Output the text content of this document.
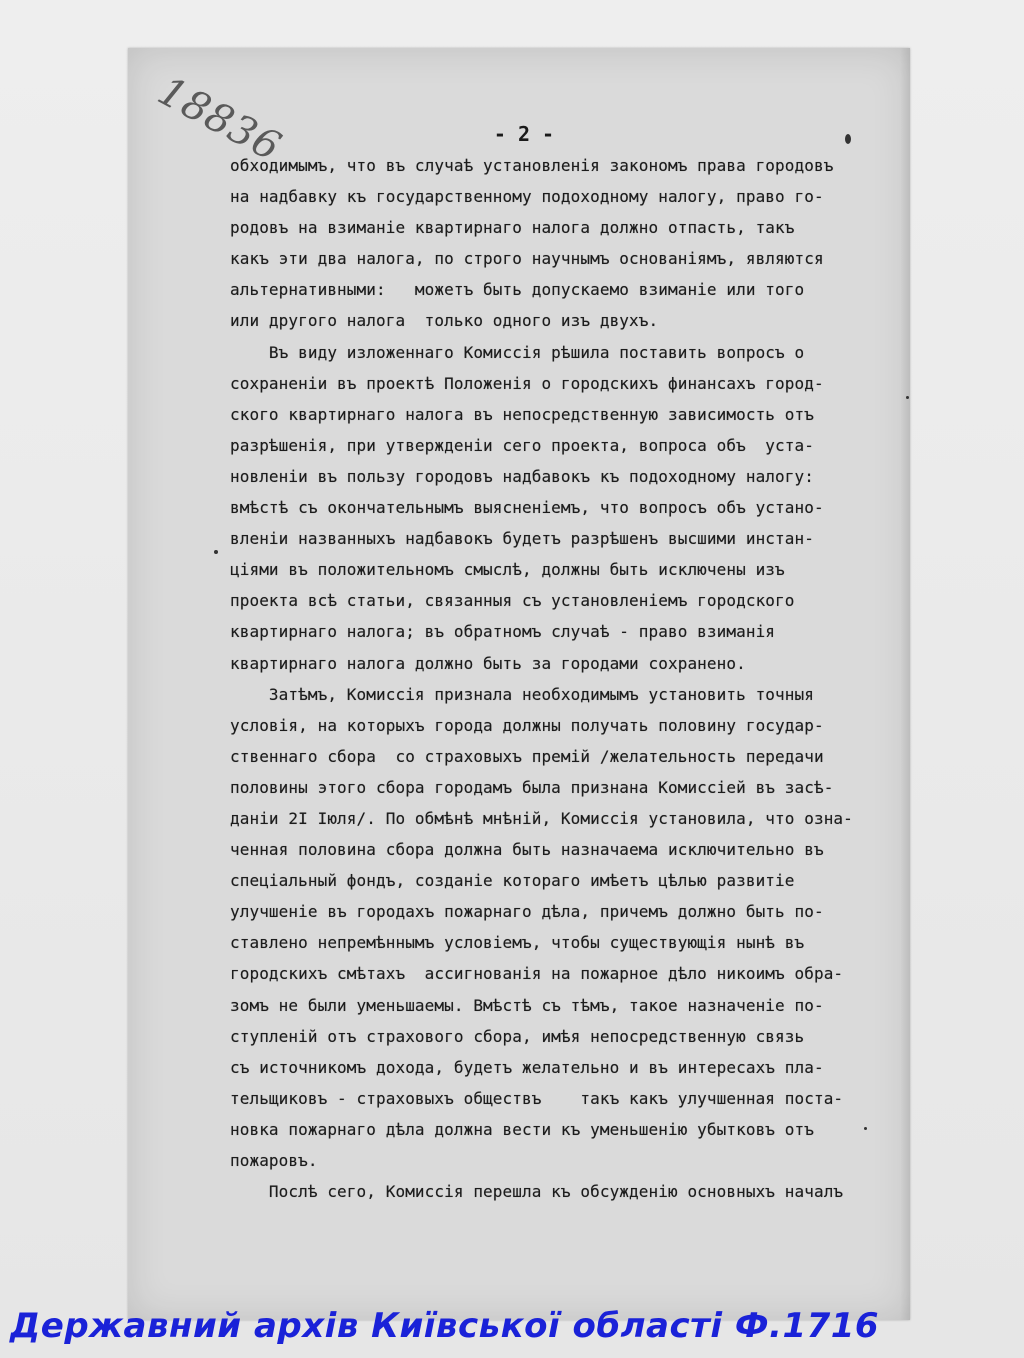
18836	- 2 -
обходимымъ, что въ случаѣ установленія закономъ права городовъ
на надбавку къ государственному подоходному налогу, право го-
родовъ на взиманіе квартирнаго налога должно отпасть, такъ
какъ эти два налога, по строго научнымъ основаніямъ, являются
альтернативными:   можетъ быть допускаемо взиманіе или того
или другого налога  только одного изъ двухъ.
Въ виду изложеннаго Комиссія рѣшила поставить вопросъ о
сохраненіи въ проектѣ Положенія о городскихъ финансахъ город-
ского квартирнаго налога въ непосредственную зависимость отъ
разрѣшенія, при утвержденіи сего проекта, вопроса объ  уста-
новленіи въ пользу городовъ надбавокъ къ подоходному налогу:
вмѣстѣ съ окончательнымъ выясненіемъ, что вопросъ объ устано-
вленіи названныхъ надбавокъ будетъ разрѣшенъ высшими инстан-
ціями въ положительномъ смыслѣ, должны быть исключены изъ
проекта всѣ статьи, связанныя съ установленіемъ городского
квартирнаго налога; въ обратномъ случаѣ - право взиманія
квартирнаго налога должно быть за городами сохранено.
Затѣмъ, Комиссія признала необходимымъ установить точныя
условія, на которыхъ города должны получать половину государ-
ственнаго сбора  со страховыхъ премій /желательность передачи
половины этого сбора городамъ была признана Комиссіей въ засѣ-
даніи 2I Іюля/. По обмѣнѣ мнѣній, Комиссія установила, что озна-
ченная половина сбора должна быть назначаема исключительно въ
спеціальный фондъ, созданіе котораго имѣетъ цѣлью развитіе
улучшеніе въ городахъ пожарнаго дѣла, причемъ должно быть по-
ставлено непремѣннымъ условіемъ, чтобы существующія нынѣ въ
городскихъ смѣтахъ  ассигнованія на пожарное дѣло никоимъ обра-
зомъ не были уменьшаемы. Вмѣстѣ съ тѣмъ, такое назначеніе по-
ступленій отъ страхового сбора, имѣя непосредственную связь
съ источникомъ дохода, будетъ желательно и въ интересахъ пла-
тельщиковъ - страховыхъ обществъ    такъ какъ улучшенная поста-
новка пожарнаго дѣла должна вести къ уменьшенію убытковъ отъ
пожаровъ.
Послѣ сего, Комиссія перешла къ обсужденію основныхъ началъ
Державний архів Київської області Ф.1716
